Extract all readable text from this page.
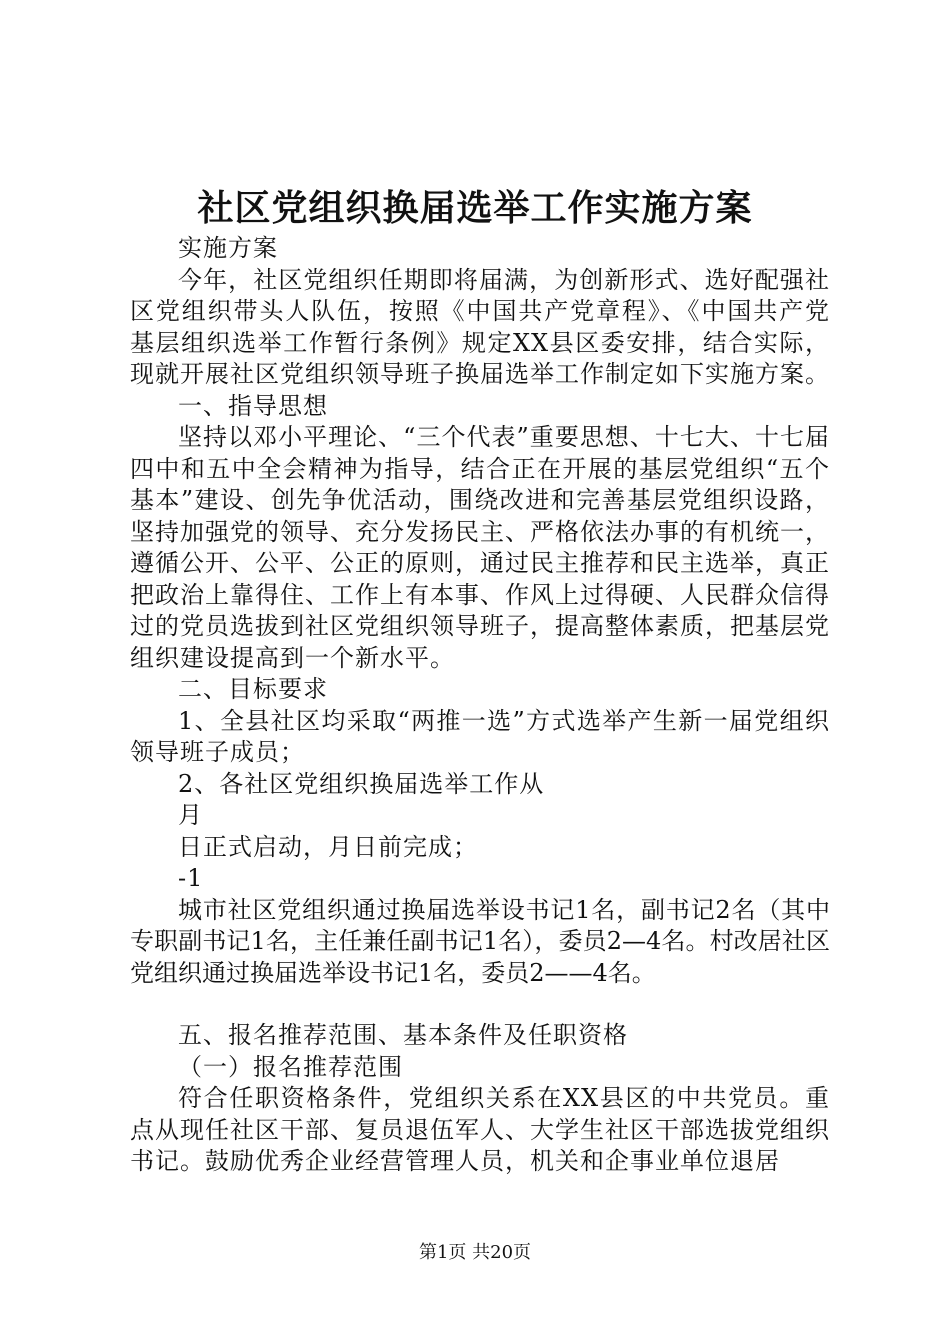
社区党组织换届选举工作实施方案

实施方案

今年，社区党组织任期即将届满，为创新形式、选好配强社区党组织带头人队伍，按照《中国共产党章程》、《中国共产党基层组织选举工作暂行条例》规定XX县区委安排，结合实际，现就开展社区党组织领导班子换届选举工作制定如下实施方案。

一、指导思想

坚持以邓小平理论、“三个代表”重要思想、十七大、十七届四中和五中全会精神为指导，结合正在开展的基层党组织“五个基本”建设、创先争优活动，围绕改进和完善基层党组织设路，坚持加强党的领导、充分发扬民主、严格依法办事的有机统一，遵循公开、公平、公正的原则，通过民主推荐和民主选举，真正把政治上靠得住、工作上有本事、作风上过得硬、人民群众信得过的党员选拔到社区党组织领导班子，提高整体素质，把基层党组织建设提高到一个新水平。

二、目标要求

1、全县社区均采取“两推一选”方式选举产生新一届党组织领导班子成员；

2、各社区党组织换届选举工作从

月

日正式启动，月日前完成；

-1

城市社区党组织通过换届选举设书记1名，副书记2名（其中专职副书记1名，主任兼任副书记1名），委员2—4名。村改居社区党组织通过换届选举设书记1名，委员2——4名。

五、报名推荐范围、基本条件及任职资格

（一）报名推荐范围

符合任职资格条件，党组织关系在XX县区的中共党员。重点从现任社区干部、复员退伍军人、大学生社区干部选拔党组织书记。鼓励优秀企业经营管理人员，机关和企事业单位退居

第1页 共20页
